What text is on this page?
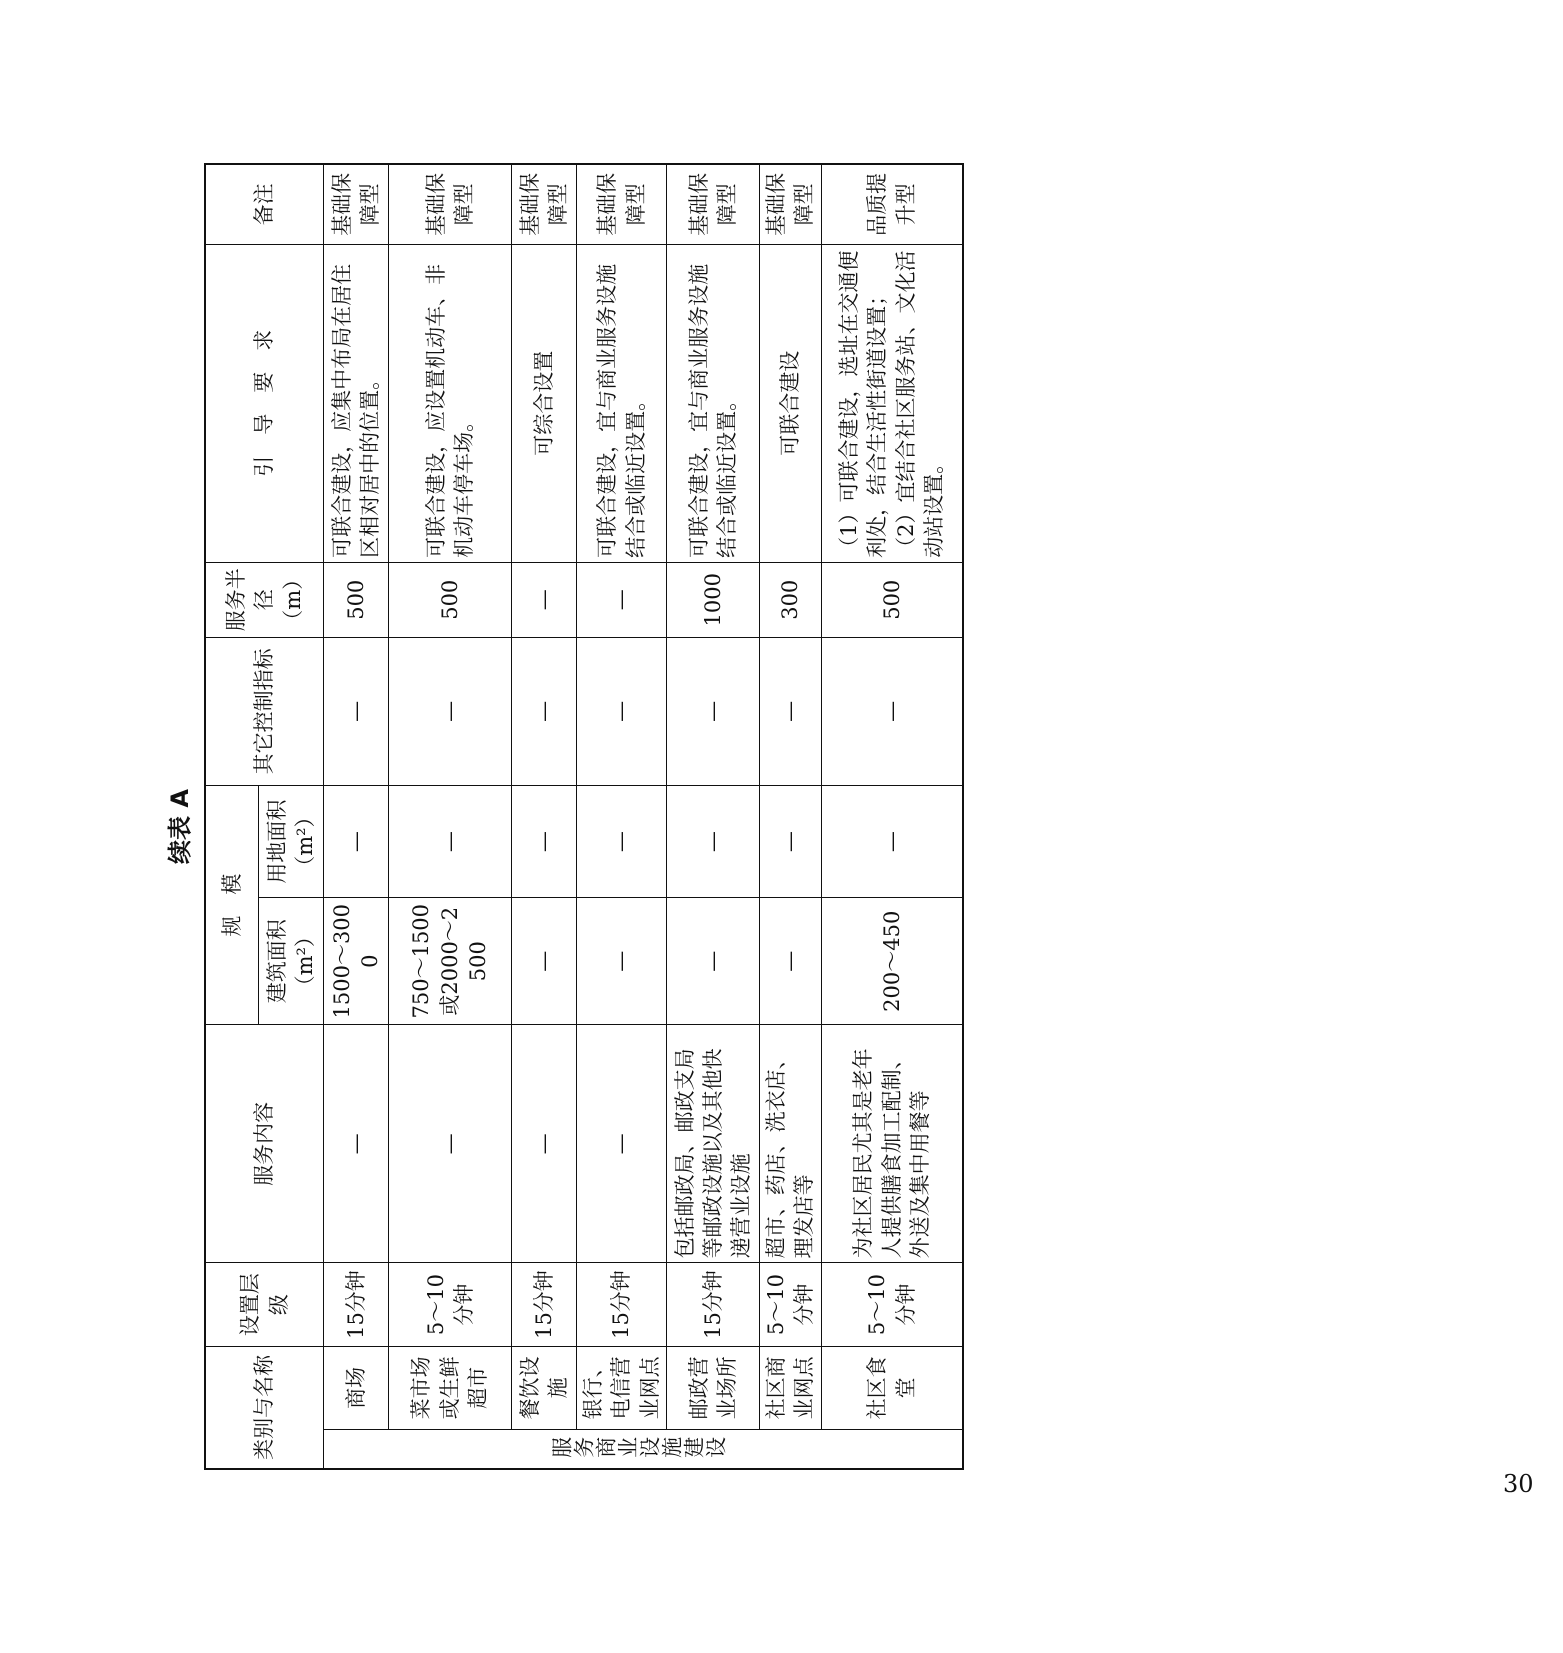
续表 A
类别与名称		设置层级	服务内容	规　模		其它控制指标	服务半径 （m）	引　导　要　求	备注
				建筑面积 （m²）	用地面积 （m²）				
服务商业设施建设	商场	15分钟	—	1500～3000	—	—	500	可联合建设，应集中布局在居住区相对居中的位置。	基础保障型
	菜市场或生鲜超市	5～10分钟	—	750～1500或2000～2500	—	—	500	可联合建设，应设置机动车、非机动车停车场。	基础保障型
	餐饮设施	15分钟	—	—	—	—	—	可综合设置	基础保障型
	银行、电信营业网点	15分钟	—	—	—	—	—	可联合建设，宜与商业服务设施结合或临近设置。	基础保障型
	邮政营业场所	15分钟	包括邮政局、邮政支局等邮政设施以及其他快递营业设施	—	—	—	1000	可联合建设，宜与商业服务设施结合或临近设置。	基础保障型
	社区商业网点	5～10分钟	超市、药店、洗衣店、理发店等	—	—	—	300	可联合建设	基础保障型
	社区食堂	5～10分钟	为社区居民尤其是老年人提供膳食加工配制、外送及集中用餐等	200～450	—	—	500	（1）可联合建设，选址在交通便利处，结合生活性街道设置； （2）宜结合社区服务站、文化活动站设置。	品质提升型
30
